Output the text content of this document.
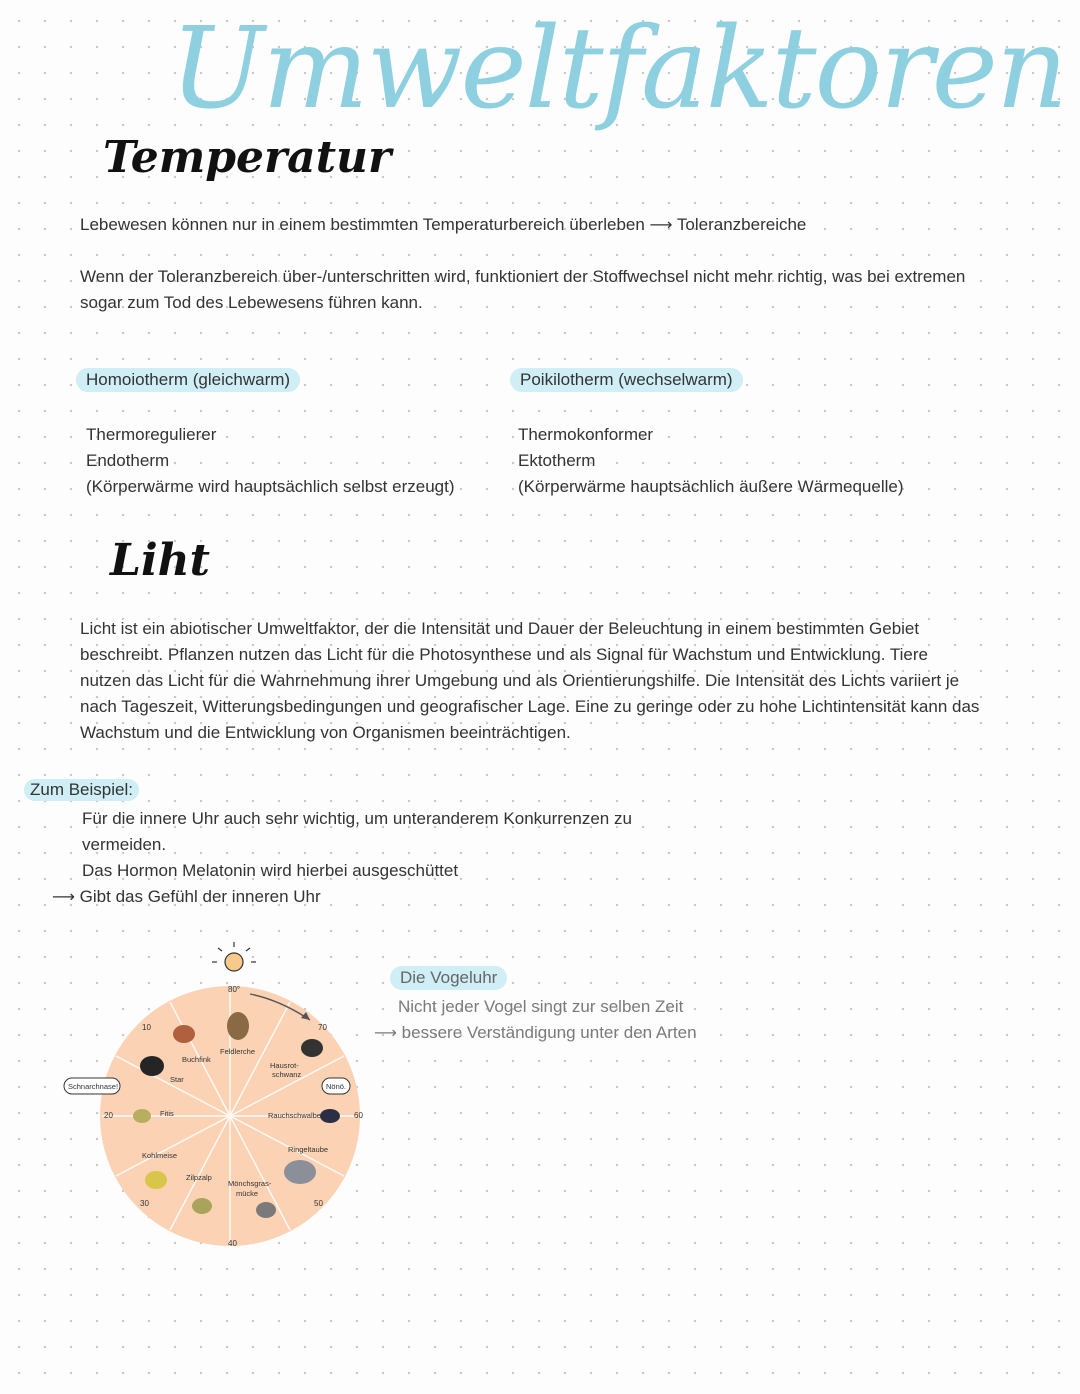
Umweltfaktoren
Temperatur
Lebewesen können nur in einem bestimmten Temperaturbereich überleben ⟶ Toleranzbereiche
Wenn der Toleranzbereich über-/unterschritten wird, funktioniert der Stoffwechsel nicht mehr richtig, was bei extremen
sogar zum Tod des Lebewesens führen kann.
Homoiotherm (gleichwarm)	Poikilotherm (wechselwarm)
Thermoregulierer
Endotherm
(Körperwärme wird hauptsächlich selbst erzeugt)
Thermokonformer
Ektotherm
(Körperwärme hauptsächlich äußere Wärmequelle)
Liht
Licht ist ein abiotischer Umweltfaktor, der die Intensität und Dauer der Beleuchtung in einem bestimmten Gebiet
beschreibt. Pflanzen nutzen das Licht für die Photosynthese und als Signal für Wachstum und Entwicklung. Tiere
nutzen das Licht für die Wahrnehmung ihrer Umgebung und als Orientierungshilfe. Die Intensität des Lichts variiert je
nach Tageszeit, Witterungsbedingungen und geografischer Lage. Eine zu geringe oder zu hohe Lichtintensität kann das
Wachstum und die Entwicklung von Organismen beeinträchtigen.
Zum Beispiel:
Für die innere Uhr auch sehr wichtig, um unteranderem Konkurrenzen zu
vermeiden.
Das Hormon Melatonin wird hierbei ausgeschüttet
⟶ Gibt das Gefühl der inneren Uhr
Die Vogeluhr
Nicht jeder Vogel singt zur selben Zeit
⟶ bessere Verständigung unter den Arten
80°
70
60
50
40
30
20
10
Feldlerche
Hausrot-
schwanz
Rauchschwalbe
Ringeltaube
Mönchsgras-
mücke
Zilpzalp
Kohlmeise
Fitis
Star
Buchfink
Schnarchnase!	Nönö.
